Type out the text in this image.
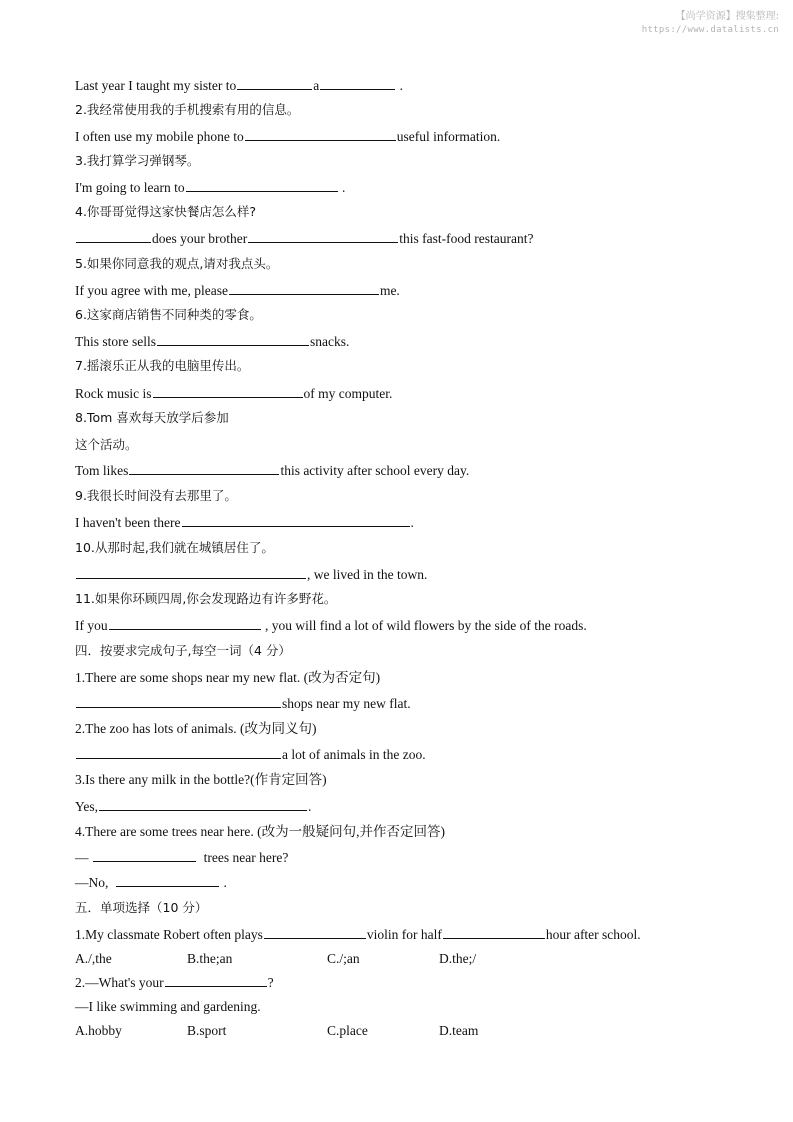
【尚学资源】搜集整理:
https://www.datalists.cn
Last year I taught my sister to	a	.
2.我经常使用我的手机搜索有用的信息。
I often use my mobile phone to	useful information.
3.我打算学习弹钢琴。
I'm going to learn to	.
4.你哥哥觉得这家快餐店怎么样?
does your brother	this fast-food restaurant?
5.如果你同意我的观点,请对我点头。
If you agree with me, please	me.
6.这家商店销售不同种类的零食。
This store sells	snacks.
7.摇滚乐正从我的电脑里传出。
Rock music is	of my computer.
8.Tom 喜欢每天放学后参加
这个活动。
Tom likes	this activity after school every day.
9.我很长时间没有去那里了。
I haven't been there	.
10.从那时起,我们就在城镇居住了。
, we lived in the town.
11.如果你环顾四周,你会发现路边有许多野花。
If you	, you will find a lot of wild flowers by the side of the roads.
四．按要求完成句子,每空一词（4 分）
1.There are some shops near my new flat. (改为否定句)
shops near my new flat.
2.The zoo has lots of animals. (改为同义句)
a lot of animals in the zoo.
3.Is there any milk in the bottle?(作肯定回答)
Yes,	.
4.There are some trees near here. (改为一般疑问句,并作否定回答)
—	trees near here?
—No,	.
五．单项选择（10 分）
1.My classmate Robert often plays	violin for half	hour after school.
A./,the	B.the;an	C./;an	D.the;/
2.—What's your	?
—I like swimming and gardening.
A.hobby	B.sport	C.place	D.team
